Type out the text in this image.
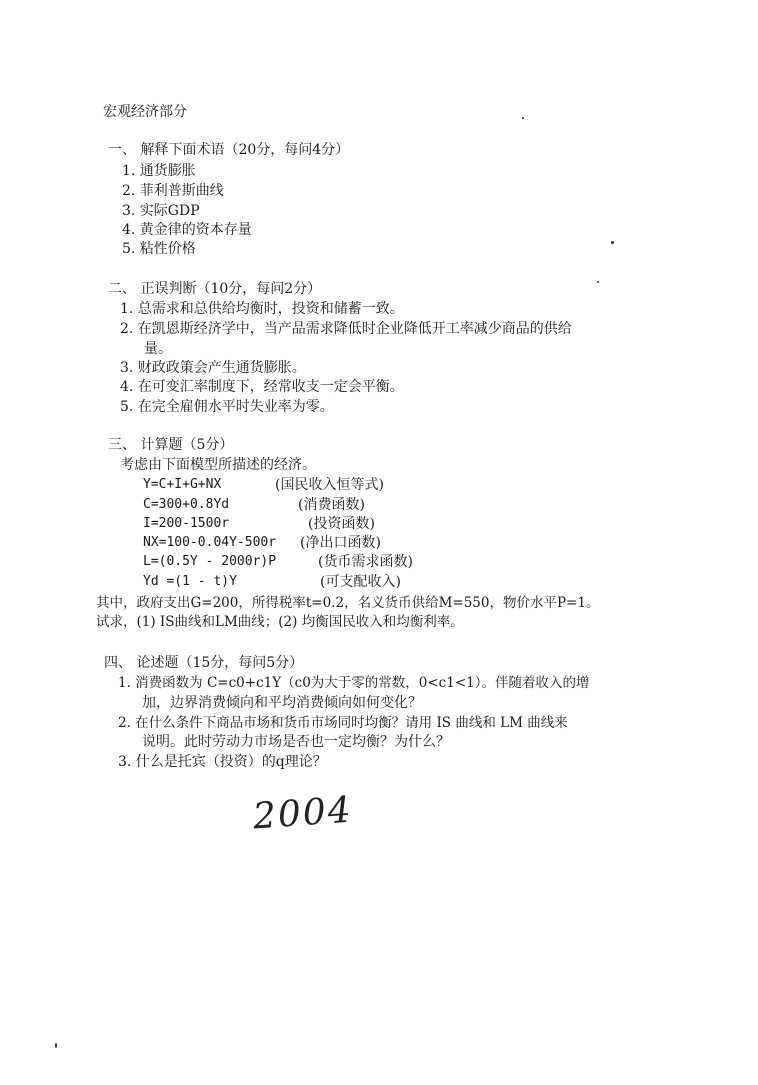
宏观经济部分
一、 解释下面术语（20分，每问4分）
1. 通货膨胀
2. 菲利普斯曲线
3. 实际GDP
4. 黄金律的资本存量
5. 粘性价格
二、 正误判断（10分，每问2分）
1. 总需求和总供给均衡时，投资和储蓄一致。
2. 在凯恩斯经济学中，当产品需求降低时企业降低开工率减少商品的供给
量。
3. 财政政策会产生通货膨胀。
4. 在可变汇率制度下，经常收支一定会平衡。
5. 在完全雇佣水平时失业率为零。
三、 计算题（5分）
考虑由下面模型所描述的经济。
Y=C+I+G+NX	(国民收入恒等式)
C=300+0.8Yd	(消费函数)
I=200-1500r	(投资函数)
NX=100-0.04Y-500r (净出口函数)
L=(0.5Y - 2000r)P	(货币需求函数)
Yd =(1 - t)Y	(可支配收入)
其中，政府支出G=200，所得税率t=0.2，名义货币供给M=550，物价水平P=1。
试求，(1) IS曲线和LM曲线；(2) 均衡国民收入和均衡利率。
四、 论述题（15分，每问5分）
1. 消费函数为 C=c0+c1Y（c0为大于零的常数，0<c1<1）。伴随着收入的增
加，边界消费倾向和平均消费倾向如何变化？
2. 在什么条件下商品市场和货币市场同时均衡？请用 IS 曲线和 LM 曲线来
说明。此时劳动力市场是否也一定均衡？为什么？
3. 什么是托宾（投资）的q理论？
2004
